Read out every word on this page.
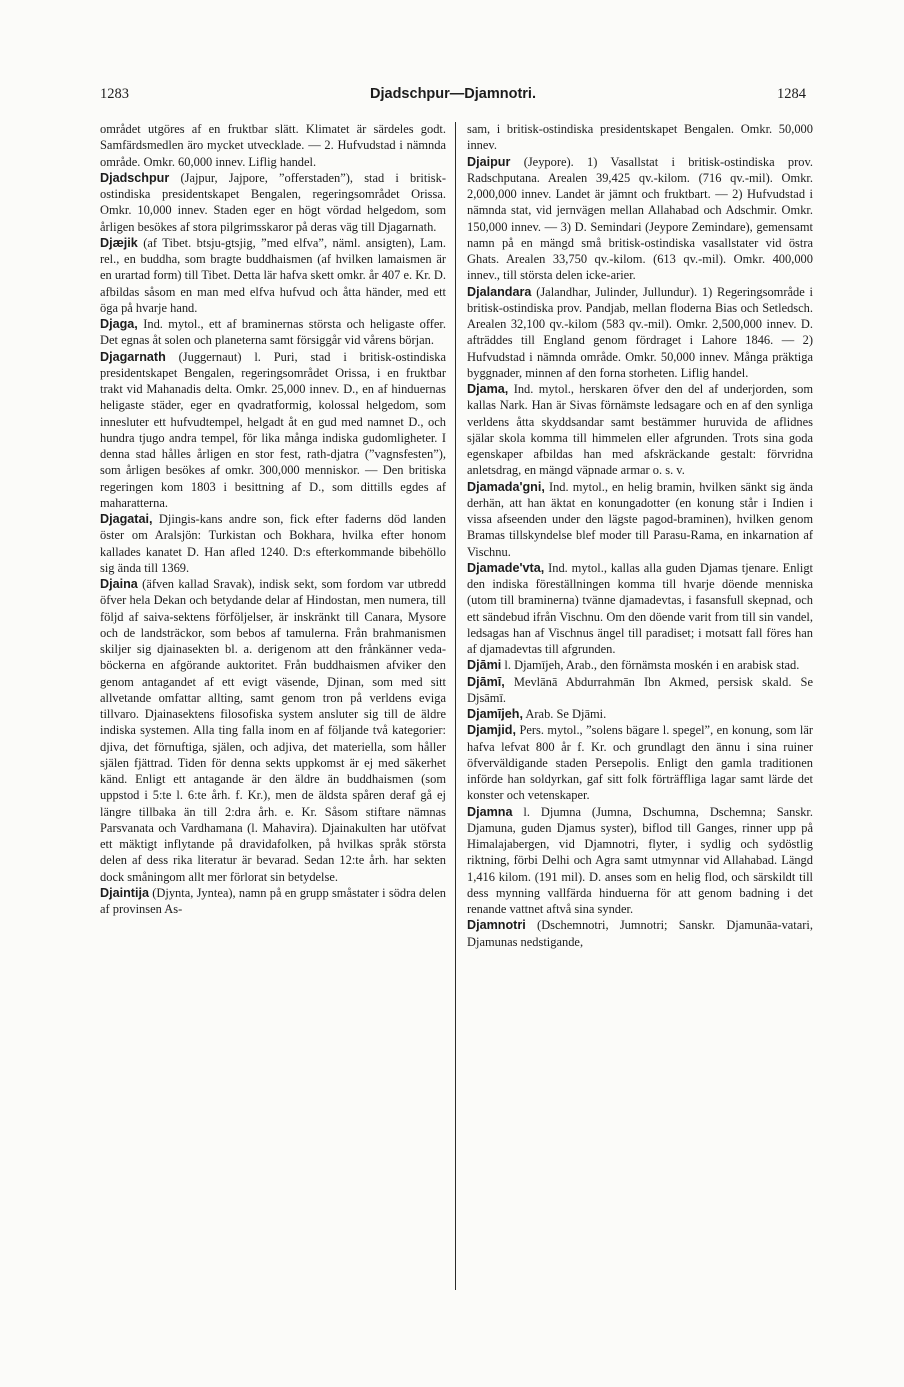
1283	Djadschpur—Djamnotri.	1284

området utgöres af en fruktbar slätt. Klimatet är särdeles godt. Samfärdsmedlen äro mycket utvecklade. — 2. Hufvudstad i nämnda område. Omkr. 60,000 innev. Liflig handel.

Djadschpur (Jajpur, Jajpore, ”offerstaden”), stad i britisk-ostindiska presidentskapet Bengalen, regeringsområdet Orissa. Omkr. 10,000 innev. Staden eger en högt vördad helgedom, som årligen besökes af stora pilgrimsskaror på deras väg till Djagarnath.

Djæjik (af Tibet. btsju-gtsjig, ”med elfva”, näml. ansigten), Lam. rel., en buddha, som bragte buddhaismen (af hvilken lamaismen är en urartad form) till Tibet. Detta lär hafva skett omkr. år 407 e. Kr. D. afbildas såsom en man med elfva hufvud och åtta händer, med ett öga på hvarje hand.

Djaga, Ind. mytol., ett af braminernas största och heligaste offer. Det egnas åt solen och planeterna samt försiggår vid vårens början.

Djagarnath (Juggernaut) l. Puri, stad i britisk-ostindiska presidentskapet Bengalen, regeringsområdet Orissa, i en fruktbar trakt vid Mahanadis delta. Omkr. 25,000 innev. D., en af hinduernas heligaste städer, eger en qvadratformig, kolossal helgedom, som innesluter ett hufvudtempel, helgadt åt en gud med namnet D., och hundra tjugo andra tempel, för lika många indiska gudomligheter. I denna stad hålles årligen en stor fest, rath-djatra (”vagnsfesten”), som årligen besökes af omkr. 300,000 menniskor. — Den britiska regeringen kom 1803 i besittning af D., som dittills egdes af maharatterna.

Djagatai, Djingis-kans andre son, fick efter faderns död landen öster om Aralsjön: Turkistan och Bokhara, hvilka efter honom kallades kanatet D. Han afled 1240. D:s efterkommande bibehöllo sig ända till 1369.

Djaina (äfven kallad Sravak), indisk sekt, som fordom var utbredd öfver hela Dekan och betydande delar af Hindostan, men numera, till följd af saiva-sektens förföljelser, är inskränkt till Canara, Mysore och de landsträckor, som bebos af tamulerna. Från brahmanismen skiljer sig djainasekten bl. a. derigenom att den frånkänner veda-böckerna en afgörande auktoritet. Från buddhaismen afviker den genom antagandet af ett evigt väsende, Djinan, som med sitt allvetande omfattar allting, samt genom tron på verldens eviga tillvaro. Djainasektens filosofiska system ansluter sig till de äldre indiska systemen. Alla ting falla inom en af följande två kategorier: djiva, det förnuftiga, själen, och adjiva, det materiella, som håller själen fjättrad. Tiden för denna sekts uppkomst är ej med säkerhet känd. Enligt ett antagande är den äldre än buddhaismen (som uppstod i 5:te l. 6:te årh. f. Kr.), men de äldsta spåren deraf gå ej längre tillbaka än till 2:dra årh. e. Kr. Såsom stiftare nämnas Parsvanata och Vardhamana (l. Mahavira). Djainakulten har utöfvat ett mäktigt inflytande på dravidafolken, på hvilkas språk största delen af dess rika literatur är bevarad. Sedan 12:te årh. har sekten dock småningom allt mer förlorat sin betydelse.

Djaintija (Djynta, Jyntea), namn på en grupp småstater i södra delen af provinsen As-

sam, i britisk-ostindiska presidentskapet Bengalen. Omkr. 50,000 innev.

Djaipur (Jeypore). 1) Vasallstat i britisk-ostindiska prov. Radschputana. Arealen 39,425 qv.-kilom. (716 qv.-mil). Omkr. 2,000,000 innev. Landet är jämnt och fruktbart. — 2) Hufvudstad i nämnda stat, vid jernvägen mellan Allahabad och Adschmir. Omkr. 150,000 innev. — 3) D. Semindari (Jeypore Zemindare), gemensamt namn på en mängd små britisk-ostindiska vasallstater vid östra Ghats. Arealen 33,750 qv.-kilom. (613 qv.-mil). Omkr. 400,000 innev., till största delen icke-arier.

Djalandara (Jalandhar, Julinder, Jullundur). 1) Regeringsområde i britisk-ostindiska prov. Pandjab, mellan floderna Bias och Setledsch. Arealen 32,100 qv.-kilom (583 qv.-mil). Omkr. 2,500,000 innev. D. afträddes till England genom fördraget i Lahore 1846. — 2) Hufvudstad i nämnda område. Omkr. 50,000 innev. Många präktiga byggnader, minnen af den forna storheten. Liflig handel.

Djama, Ind. mytol., herskaren öfver den del af underjorden, som kallas Nark. Han är Sivas förnämste ledsagare och en af den synliga verldens åtta skyddsandar samt bestämmer huruvida de aflidnes själar skola komma till himmelen eller afgrunden. Trots sina goda egenskaper afbildas han med afskräckande gestalt: förvridna anletsdrag, en mängd väpnade armar o. s. v.

Djamada'gni, Ind. mytol., en helig bramin, hvilken sänkt sig ända derhän, att han äktat en konungadotter (en konung står i Indien i vissa afseenden under den lägste pagod-braminen), hvilken genom Bramas tillskyndelse blef moder till Parasu-Rama, en inkarnation af Vischnu.

Djamade'vta, Ind. mytol., kallas alla guden Djamas tjenare. Enligt den indiska föreställningen komma till hvarje döende menniska (utom till braminerna) tvänne djamadevtas, i fasansfull skepnad, och ett sändebud ifrån Vischnu. Om den döende varit from till sin vandel, ledsagas han af Vischnus ängel till paradiset; i motsatt fall föres han af djamadevtas till afgrunden.

Djāmi l. Djamījeh, Arab., den förnämsta moskén i en arabisk stad.

Djāmī, Mevlānā Abdurrahmān Ibn Akmed, persisk skald. Se Djsāmī.

Djamījeh, Arab. Se Djāmi.

Djamjid, Pers. mytol., ”solens bägare l. spegel”, en konung, som lär hafva lefvat 800 år f. Kr. och grundlagt den ännu i sina ruiner öfverväldigande staden Persepolis. Enligt den gamla traditionen införde han soldyrkan, gaf sitt folk förträffliga lagar samt lärde det konster och vetenskaper.

Djamna l. Djumna (Jumna, Dschumna, Dschemna; Sanskr. Djamuna, guden Djamus syster), biflod till Ganges, rinner upp på Himalajabergen, vid Djamnotri, flyter, i sydlig och sydöstlig riktning, förbi Delhi och Agra samt utmynnar vid Allahabad. Längd 1,416 kilom. (191 mil). D. anses som en helig flod, och särskildt till dess mynning vallfärda hinduerna för att genom badning i det renande vattnet aftvå sina synder.

Djamnotri (Dschemnotri, Jumnotri; Sanskr. Djamunāa-vatari, Djamunas nedstigande,
